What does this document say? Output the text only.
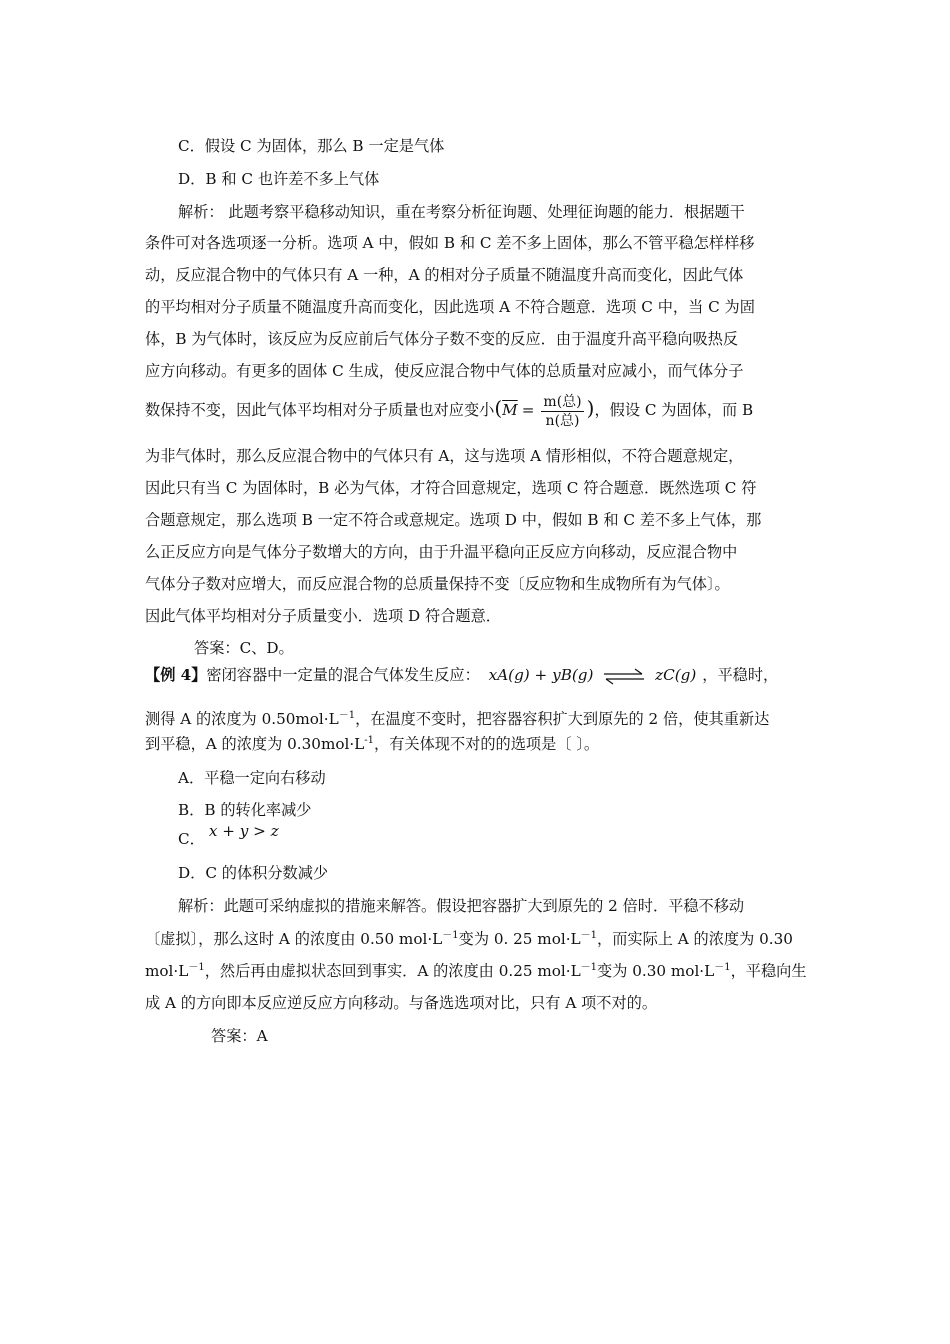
C．假设 C 为固体，那么 B 一定是气体
D．B 和 C 也许差不多上气体
解析： 此题考察平稳移动知识，重在考察分析征询题、处理征询题的能力．根据题干
条件可对各选项逐一分析。选项 A 中，假如 B 和 C 差不多上固体，那么不管平稳怎样样移
动，反应混合物中的气体只有 A 一种，A 的相对分子质量不随温度升高而变化，因此气体
的平均相对分子质量不随温度升高而变化，因此选项 A 不符合题意．选项 C 中，当 C 为固
体，B 为气体时，该反应为反应前后气体分子数不变的反应．由于温度升高平稳向吸热反
应方向移动。有更多的固体 C 生成，使反应混合物中气体的总质量对应减小，而气体分子
数保持不变，因此气体平均相对分子质量也对应变小($\overline{M} = \frac{\text{m(总)}}{\text{n(总)}}$ )，假设 C 为固体，而 B
为非气体时，那么反应混合物中的气体只有 A，这与选项 A 情形相似，不符合题意规定，
因此只有当 C 为固体时，B 必为气体，才符合回意规定，选项 C 符合题意．既然选项 C 符
合题意规定，那么选项 B 一定不符合或意规定。选项 D 中，假如 B 和 C 差不多上气体，那
么正反应方向是气体分子数增大的方向，由于升温平稳向正反应方向移动，反应混合物中
气体分子数对应增大，而反应混合物的总质量保持不变〔反应物和生成物所有为气体〕。
因此气体平均相对分子质量变小．选项 D 符合题意．
答案：C、D。
【例 4】密闭容器中一定量的混合气体发生反应： xA(g) + yB(g) ⇌ zC(g) ，平稳时，
测得 A 的浓度为 $0.50mol\cdot L^{-1}$，在温度不变时，把容器容积扩大到原先的 2 倍，使其重新达
到平稳，A 的浓度为 $0.30mol\cdot L^{-1}$，有关体现不对的的选项是〔 〕。
A．平稳一定向右移动
B．B 的转化率减少
C． x + y > z
D．C 的体积分数减少
解析：此题可采纳虚拟的措施来解答。假设把容器扩大到原先的 2 倍时．平稳不移动
〔虚拟〕，那么这时 A 的浓度由 0.50 $mol\cdot L^{-1}$变为 0. 25 $mol\cdot L^{-1}$，而实际上 A 的浓度为 0.30
$mol\cdot L^{-1}$，然后再由虚拟状态回到事实．A 的浓度由 0.25 $mol\cdot L^{-1}$变为 0.30 $mol\cdot L^{-1}$，平稳向生
成 A 的方向即本反应逆反应方向移动。与备选选项对比，只有 A 项不对的。
答案：A
